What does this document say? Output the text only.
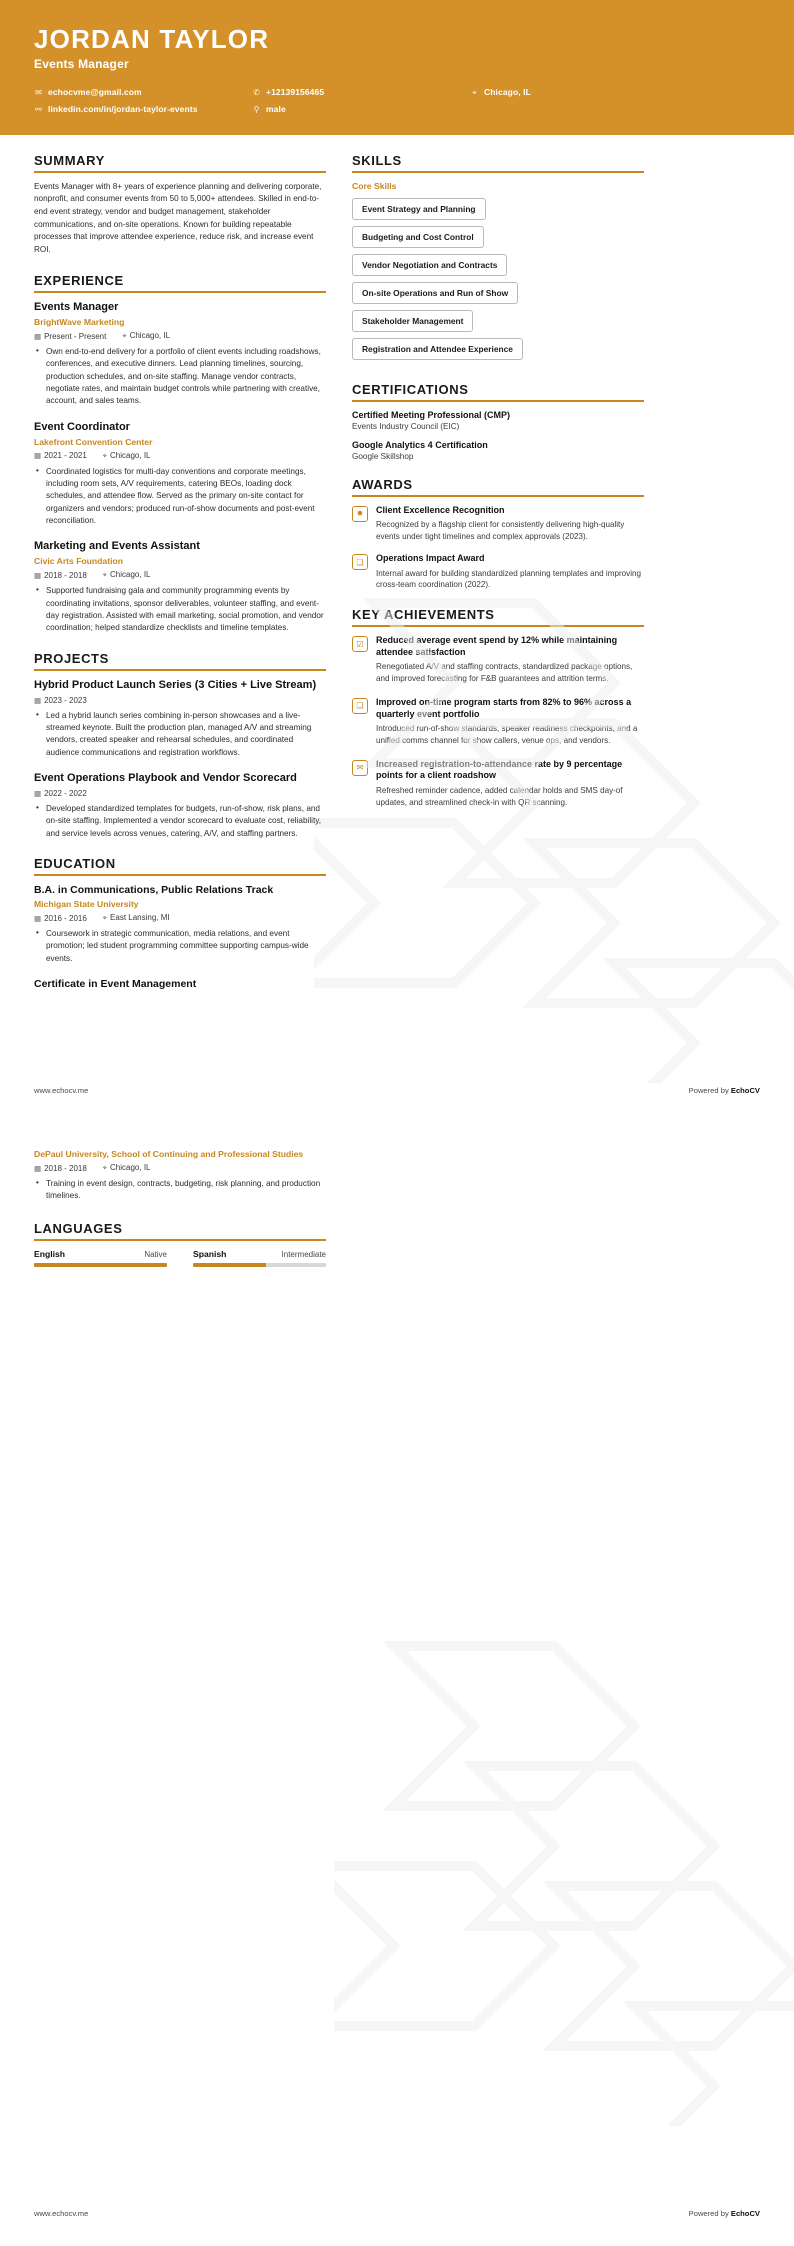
JORDAN TAYLOR
Events Manager
✉ echocvme@gmail.com	✆ +12139156465	⌖ Chicago, IL
⚯ linkedin.com/in/jordan-taylor-events	⚲ male
SUMMARY

Events Manager with 8+ years of experience planning and delivering corporate, nonprofit, and consumer events from 50 to 5,000+ attendees. Skilled in end-to-end event strategy, vendor and budget management, stakeholder communications, and on-site operations. Known for building repeatable processes that improve attendee experience, reduce risk, and increase event ROI.

EXPERIENCE
Events Manager
BrightWave Marketing
▦ Present - Present ⌖ Chicago, IL
• Own end-to-end delivery for a portfolio of client events including roadshows, conferences, and executive dinners. Lead planning timelines, sourcing, production schedules, and on-site staffing. Manage vendor contracts, negotiate rates, and maintain budget controls while partnering with creative, account, and sales teams.
Event Coordinator
Lakefront Convention Center
▦ 2021 - 2021 ⌖ Chicago, IL
• Coordinated logistics for multi-day conventions and corporate meetings, including room sets, A/V requirements, catering BEOs, loading dock schedules, and attendee flow. Served as the primary on-site contact for organizers and vendors; produced run-of-show documents and post-event reconciliation.
Marketing and Events Assistant
Civic Arts Foundation
▦ 2018 - 2018 ⌖ Chicago, IL
• Supported fundraising gala and community programming events by coordinating invitations, sponsor deliverables, volunteer staffing, and event-day registration. Assisted with email marketing, social promotion, and vendor coordination; helped standardize checklists and timeline templates.
PROJECTS
Hybrid Product Launch Series (3 Cities + Live Stream)
▦ 2023 - 2023
• Led a hybrid launch series combining in-person showcases and a live-streamed keynote. Built the production plan, managed A/V and streaming vendors, created speaker and rehearsal schedules, and coordinated audience communications and registration workflows.
Event Operations Playbook and Vendor Scorecard
▦ 2022 - 2022
• Developed standardized templates for budgets, run-of-show, risk plans, and on-site staffing. Implemented a vendor scorecard to evaluate cost, reliability, and service levels across venues, catering, A/V, and staffing partners.
EDUCATION
B.A. in Communications, Public Relations Track
Michigan State University
▦ 2016 - 2016 ⌖ East Lansing, MI
• Coursework in strategic communication, media relations, and event promotion; led student programming committee supporting campus-wide events.
Certificate in Event Management
SKILLS
Core Skills
Event Strategy and Planning
Budgeting and Cost Control
Vendor Negotiation and Contracts
On-site Operations and Run of Show
Stakeholder Management
Registration and Attendee Experience
CERTIFICATIONS
Certified Meeting Professional (CMP)
Events Industry Council (EIC)
Google Analytics 4 Certification
Google Skillshop
AWARDS
✹	Client Excellence Recognition
Recognized by a flagship client for consistently delivering high-quality events under tight timelines and complex approvals (2023).
❏	Operations Impact Award
Internal award for building standardized planning templates and improving cross-team coordination (2022).
KEY ACHIEVEMENTS
☑	Reduced average event spend by 12% while maintaining attendee satisfaction
Renegotiated A/V and staffing contracts, standardized package options, and improved forecasting for F&B guarantees and attrition terms.
❏	Improved on-time program starts from 82% to 96% across a quarterly event portfolio
Introduced run-of-show standards, speaker readiness checkpoints, and a unified comms channel for show callers, venue ops, and vendors.
✉	Increased registration-to-attendance rate by 9 percentage points for a client roadshow
Refreshed reminder cadence, added calendar holds and SMS day-of updates, and streamlined check-in with QR scanning.
www.echocv.me	Powered by EchoCV
DePaul University, School of Continuing and Professional Studies
▦ 2018 - 2018 ⌖ Chicago, IL
• Training in event design, contracts, budgeting, risk planning, and production timelines.
LANGUAGES
English	Native	Spanish	Intermediate
www.echocv.me	Powered by EchoCV
